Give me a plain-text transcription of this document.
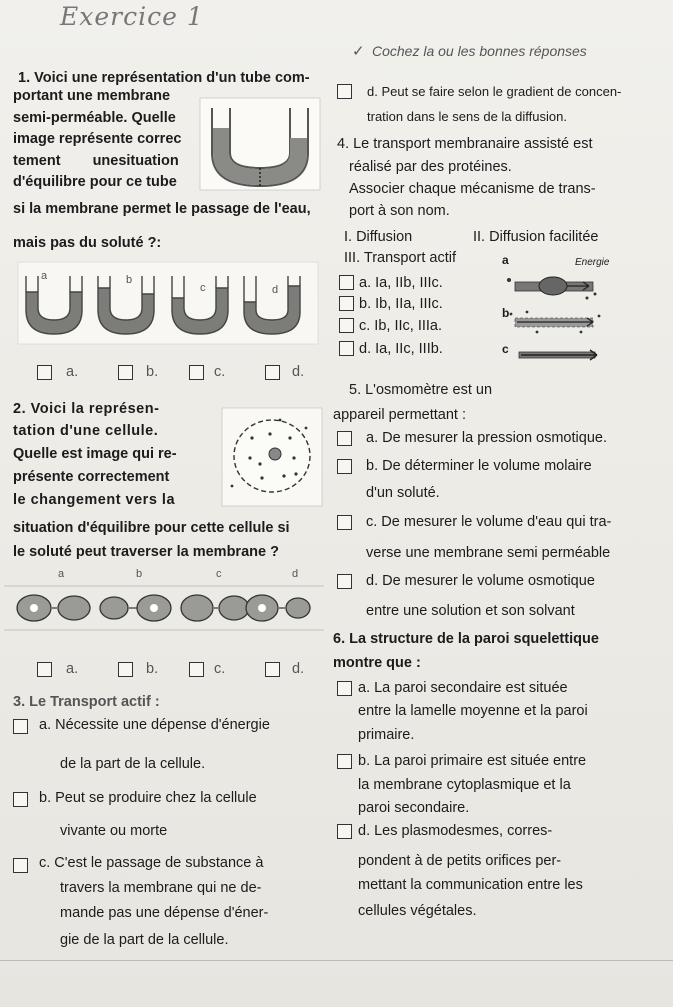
Exercice 1
✓ Cochez la ou les bonnes réponses
1. Voici une représentation d'un tube com-
portant une membrane
semi-perméable. Quelle
image représente correc
tement unesituation
d'équilibre pour ce tube
si la membrane permet le passage de l'eau,
mais pas du soluté ?:
a	b
c	d
a.	b.	c.	d.
2. Voici la représen-
tation d'une cellule.
Quelle est image qui re-
présente correctement
le changement vers la
situation d'équilibre pour cette cellule si
le soluté peut traverser la membrane ?
a	b	c	d
a.	b.	c.	d.
3. Le Transport actif :
a. Nécessite une dépense d'énergie
de la part de la cellule.
b. Peut se produire chez la cellule
vivante ou morte
c. C'est le passage de substance à
travers la membrane qui ne de-
mande pas une dépense d'éner-
gie de la part de la cellule.
d. Peut se faire selon le gradient de concen-
tration dans le sens de la diffusion.
4. Le transport membranaire assisté est
réalisé par des protéines.
Associer chaque mécanisme de trans-
port à son nom.
I. Diffusion	II. Diffusion facilitée
III. Transport actif
a. Ia, IIb, IIIc.
b. Ib, IIa, IIIc.
c. Ib, IIc, IIIa.
d. Ia, IIc, IIIb.
a	Energie
b
c
5. L'osmomètre est un
appareil permettant :
a. De mesurer la pression osmotique.
b. De déterminer le volume molaire
d'un soluté.
c. De mesurer le volume d'eau qui tra-
verse une membrane semi perméable
d. De mesurer le volume osmotique
entre une solution et son solvant
6. La structure de la paroi squelettique
montre que :
a. La paroi secondaire est située
entre la lamelle moyenne et la paroi
primaire.
b. La paroi primaire est située entre
la membrane cytoplasmique et la
paroi secondaire.
d. Les plasmodesmes, corres-
pondent à de petits orifices per-
mettant la communication entre les
cellules végétales.
